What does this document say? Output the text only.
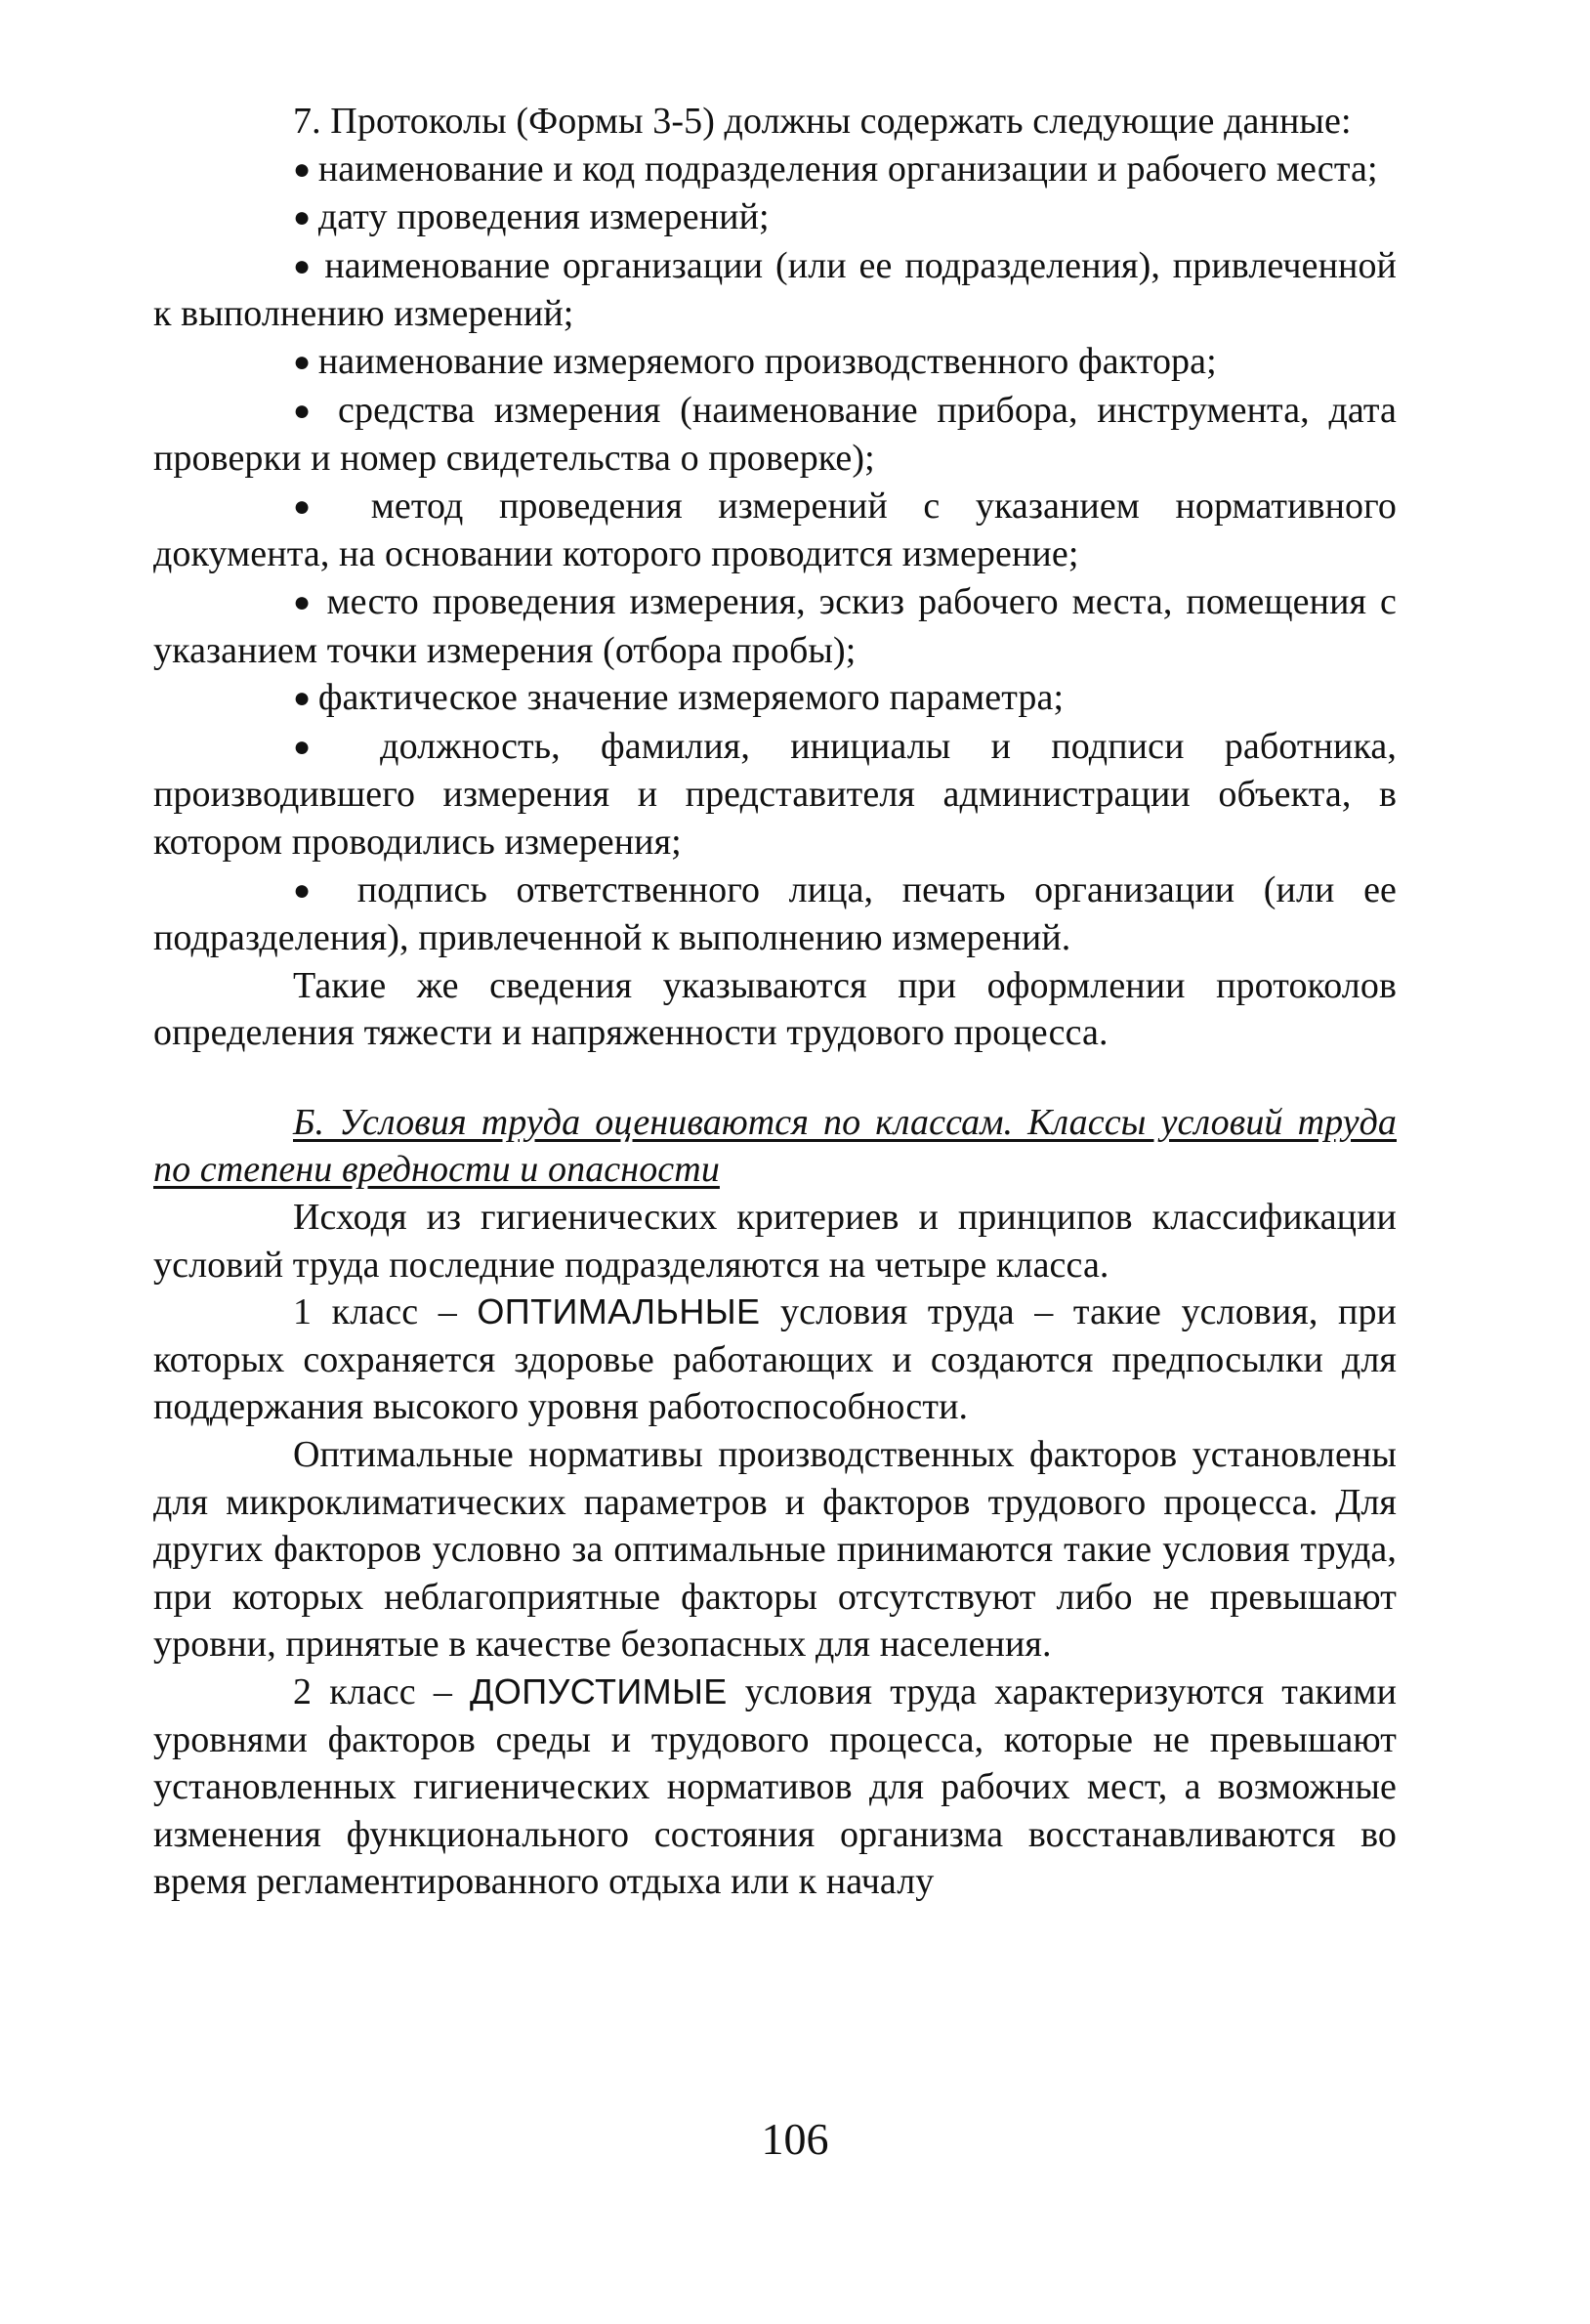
7. Протоколы (Формы 3-5) должны содержать следующие данные:

● наименование и код подразделения организации и рабочего места;

● дату проведения измерений;

● наименование организации (или ее подразделения), привлеченной к выполнению измерений;

● наименование измеряемого производственного фактора;

● средства измерения (наименование прибора, инструмента, дата проверки и номер свидетельства о проверке);

● метод проведения измерений с указанием нормативного документа, на основании которого проводится измерение;

● место проведения измерения, эскиз рабочего места, помещения с указанием точки измерения (отбора пробы);

● фактическое значение измеряемого параметра;

● должность, фамилия, инициалы и подписи работника, производившего измерения и представителя администрации объекта, в котором проводились измерения;

● подпись ответственного лица, печать организации (или ее подразделения), привлеченной к выполнению измерений.

Такие же сведения указываются при оформлении протоколов определения тяжести и напряженности трудового процесса.

Б. Условия труда оцениваются по классам. Классы условий труда по степени вредности и опасности

Исходя из гигиенических критериев и принципов классификации условий труда последние подразделяются на четыре класса.

1 класс – ОПТИМАЛЬНЫЕ условия труда – такие условия, при которых сохраняется здоровье работающих и создаются предпосылки для поддержания высокого уровня работоспособности.

Оптимальные нормативы производственных факторов установлены для микроклиматических параметров и факторов трудового процесса. Для других факторов условно за оптимальные принимаются такие условия труда, при которых неблагоприятные факторы отсутствуют либо не превышают уровни, принятые в качестве безопасных для населения.

2 класс – ДОПУСТИМЫЕ условия труда характеризуются такими уровнями факторов среды и трудового процесса, которые не превышают установленных гигиенических нормативов для рабочих мест, а возможные изменения функционального состояния организма восстанавливаются во время регламентированного отдыха или к началу

106
